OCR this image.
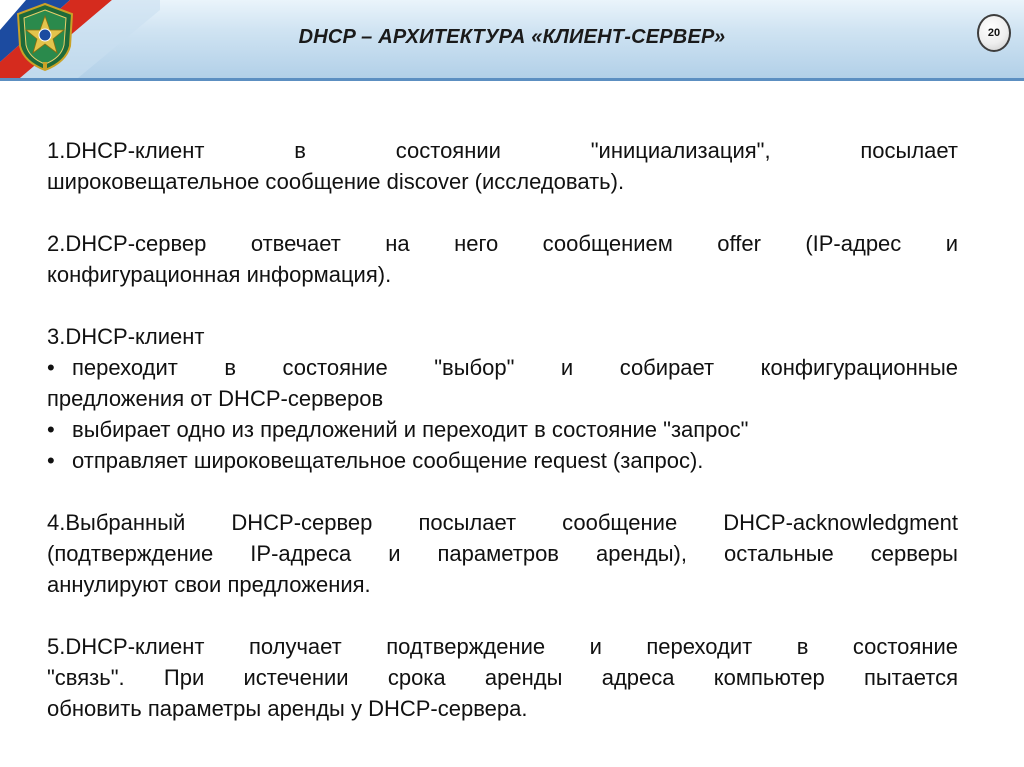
DHCP – АРХИТЕКТУРА «КЛИЕНТ-СЕРВЕР»	20
1. DHCP-клиент в состоянии "инициализация", посылает
широковещательное сообщение discover (исследовать).
2. DHCP-сервер отвечает на него сообщением offer (IP-адрес и
конфигурационная информация).
3. DHCP-клиент
• переходит в состояние "выбор" и собирает конфигурационные
предложения от DHCP-серверов
• выбирает одно из предложений и переходит в состояние "запрос"
• отправляет широковещательное сообщение request (запрос).
4.Выбранный DHCP-сервер посылает сообщение DHCP-acknowledgment
(подтверждение IP-адреса и параметров аренды), остальные серверы
аннулируют свои предложения.
5. DHCP-клиент получает подтверждение и переходит в состояние
"связь". При истечении срока аренды адреса компьютер пытается
обновить параметры аренды у DHCP-сервера.
